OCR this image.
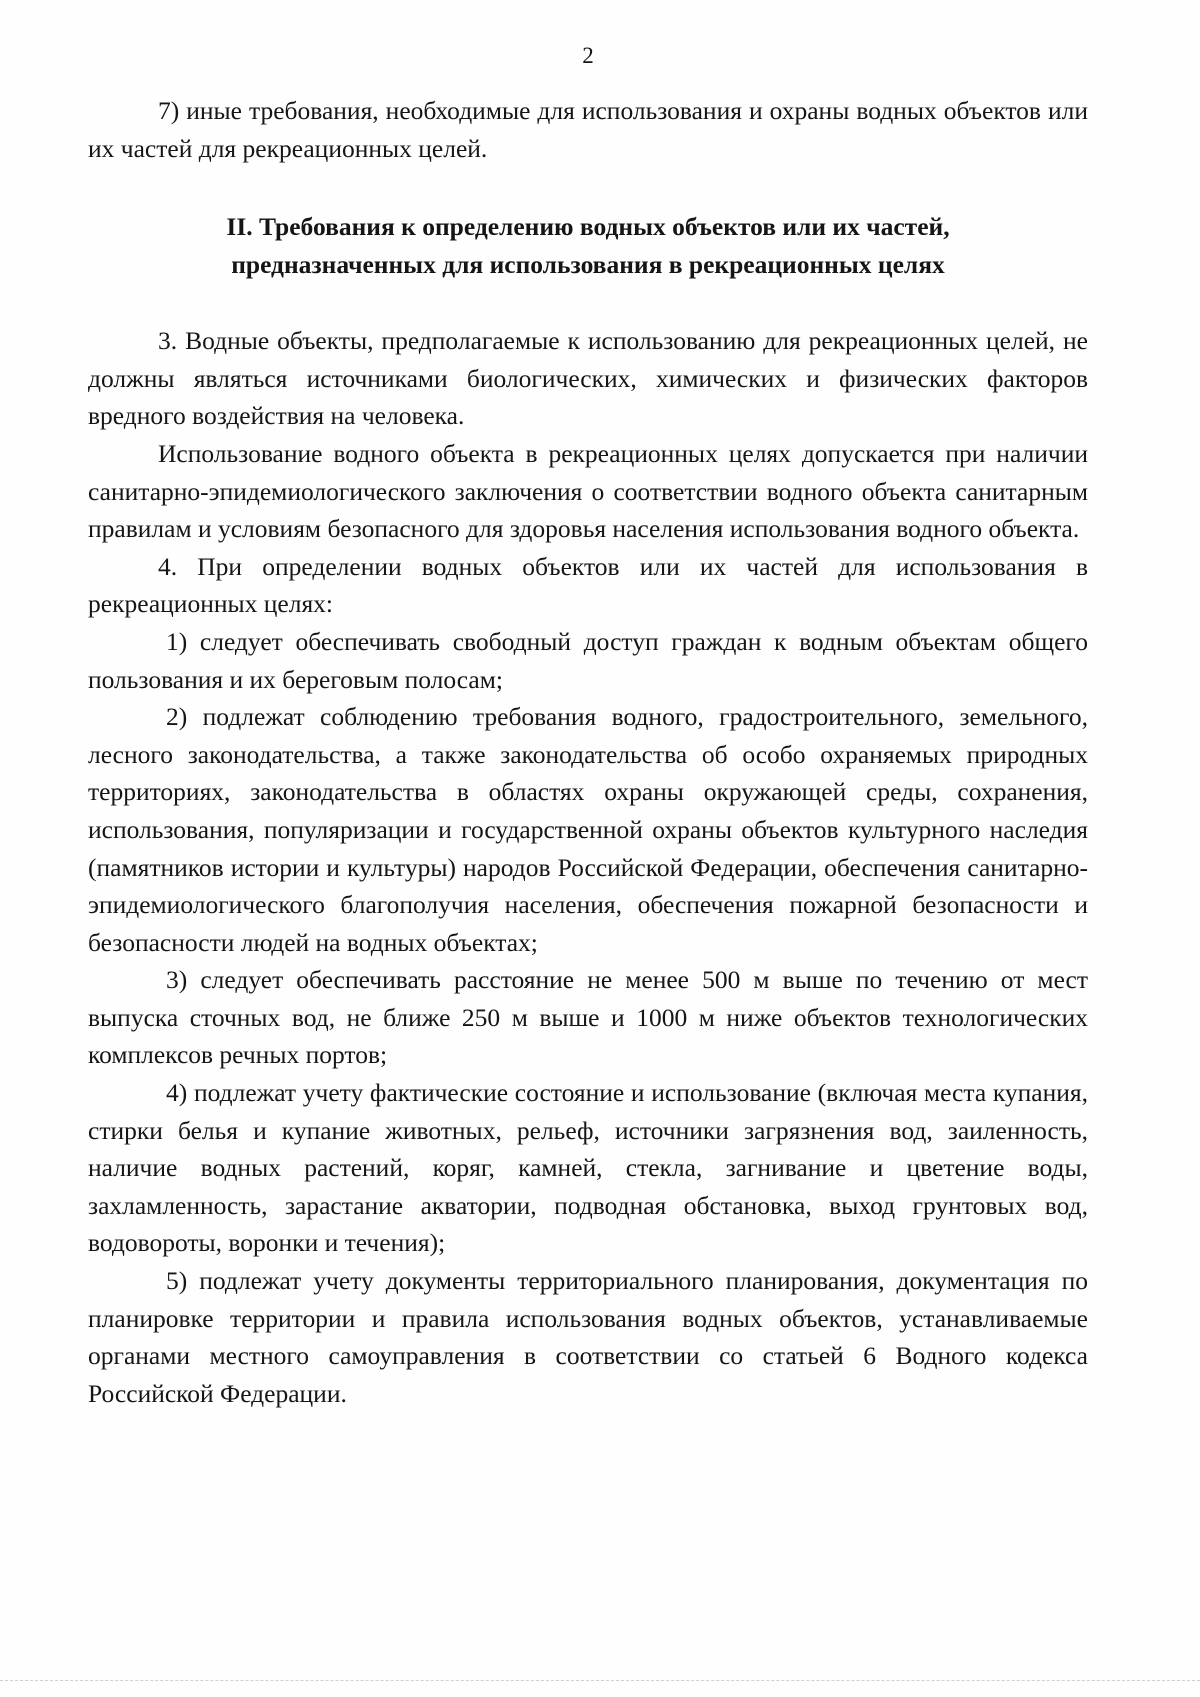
2

7) иные требования, необходимые для использования и охраны водных объектов или их частей для рекреационных целей.

II. Требования к определению водных объектов или их частей,
предназначенных для использования в рекреационных целях

3. Водные объекты, предполагаемые к использованию для рекреационных целей, не должны являться источниками биологических, химических и физических факторов вредного воздействия на человека.

Использование водного объекта в рекреационных целях допускается при наличии санитарно-эпидемиологического заключения о соответствии водного объекта санитарным правилам и условиям безопасного для здоровья населения использования водного объекта.

4. При определении водных объектов или их частей для использования в рекреационных целях:

1) следует обеспечивать свободный доступ граждан к водным объектам общего пользования и их береговым полосам;

2) подлежат соблюдению требования водного, градостроительного, земельного, лесного законодательства, а также законодательства об особо охраняемых природных территориях, законодательства в областях охраны окружающей среды, сохранения, использования, популяризации и государственной охраны объектов культурного наследия (памятников истории и культуры) народов Российской Федерации, обеспечения санитарно-эпидемиологического благополучия населения, обеспечения пожарной безопасности и безопасности людей на водных объектах;

3) следует обеспечивать расстояние не менее 500 м выше по течению от мест выпуска сточных вод, не ближе 250 м выше и 1000 м ниже объектов технологических комплексов речных портов;

4) подлежат учету фактические состояние и использование (включая места купания, стирки белья и купание животных, рельеф, источники загрязнения вод, заиленность, наличие водных растений, коряг, камней, стекла, загнивание и цветение воды, захламленность, зарастание акватории, подводная обстановка, выход грунтовых вод, водовороты, воронки и течения);

5) подлежат учету документы территориального планирования, документация по планировке территории и правила использования водных объектов, устанавливаемые органами местного самоуправления в соответствии со статьей 6 Водного кодекса Российской Федерации.
